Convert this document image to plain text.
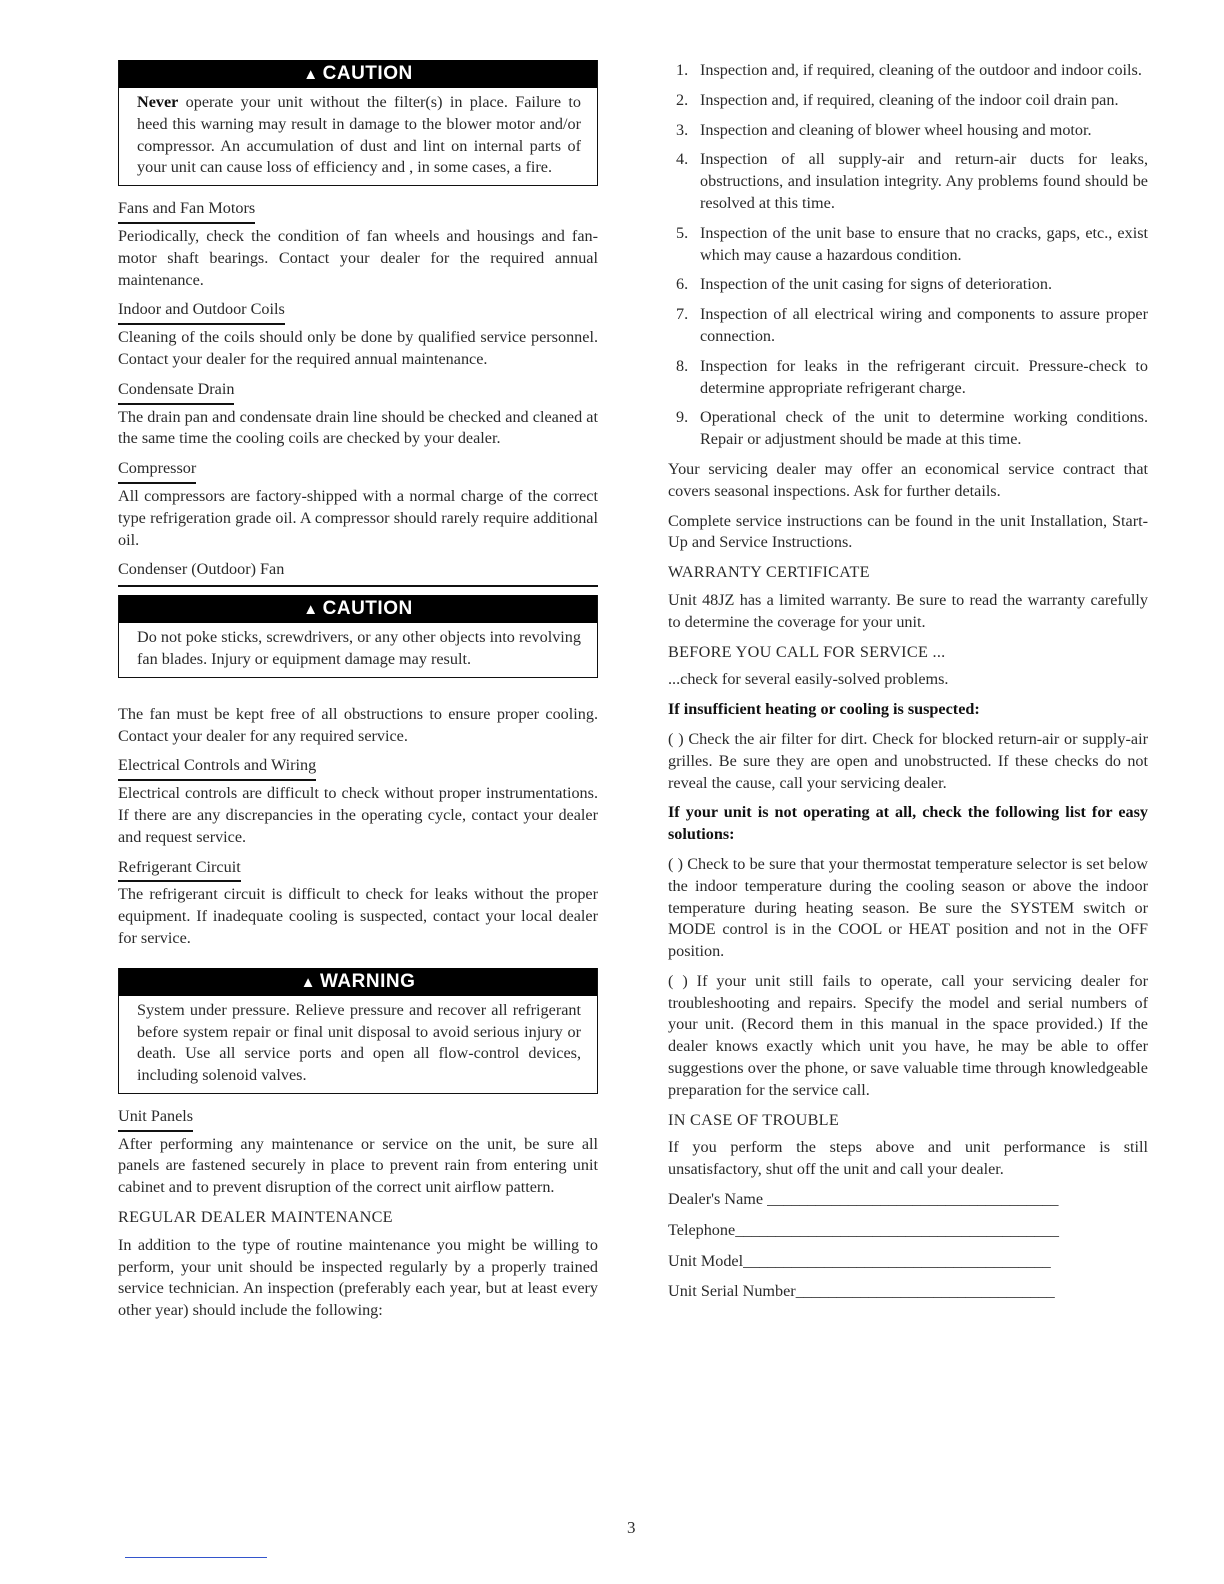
▲ CAUTION
Never operate your unit without the filter(s) in place. Failure to heed this warning may result in damage to the blower motor and/or compressor. An accumulation of dust and lint on internal parts of your unit can cause loss of efficiency and , in some cases, a fire.
Fans and Fan Motors

Periodically, check the condition of fan wheels and housings and fan-motor shaft bearings. Contact your dealer for the required annual maintenance.

Indoor and Outdoor Coils

Cleaning of the coils should only be done by qualified service personnel. Contact your dealer for the required annual maintenance.

Condensate Drain

The drain pan and condensate drain line should be checked and cleaned at the same time the cooling coils are checked by your dealer.

Compressor

All compressors are factory-shipped with a normal charge of the correct type refrigeration grade oil. A compressor should rarely require additional oil.

Condenser (Outdoor) Fan
▲ CAUTION
Do not poke sticks, screwdrivers, or any other objects into revolving fan blades. Injury or equipment damage may result.

The fan must be kept free of all obstructions to ensure proper cooling. Contact your dealer for any required service.

Electrical Controls and Wiring

Electrical controls are difficult to check without proper instrumentations. If there are any discrepancies in the operating cycle, contact your dealer and request service.

Refrigerant Circuit

The refrigerant circuit is difficult to check for leaks without the proper equipment. If inadequate cooling is suspected, contact your local dealer for service.

▲ WARNING
System under pressure. Relieve pressure and recover all refrigerant before system repair or final unit disposal to avoid serious injury or death. Use all service ports and open all flow-control devices, including solenoid valves.
Unit Panels

After performing any maintenance or service on the unit, be sure all panels are fastened securely in place to prevent rain from entering unit cabinet and to prevent disruption of the correct unit airflow pattern.

REGULAR DEALER MAINTENANCE

In addition to the type of routine maintenance you might be willing to perform, your unit should be inspected regularly by a properly trained service technician. An inspection (preferably each year, but at least every other year) should include the following:

1. Inspection and, if required, cleaning of the outdoor and indoor coils.
2. Inspection and, if required, cleaning of the indoor coil drain pan.
3. Inspection and cleaning of blower wheel housing and motor.
4. Inspection of all supply-air and return-air ducts for leaks, obstructions, and insulation integrity. Any problems found should be resolved at this time.
5. Inspection of the unit base to ensure that no cracks, gaps, etc., exist which may cause a hazardous condition.
6. Inspection of the unit casing for signs of deterioration.
7. Inspection of all electrical wiring and components to assure proper connection.
8. Inspection for leaks in the refrigerant circuit. Pressure-check to determine appropriate refrigerant charge.
9. Operational check of the unit to determine working conditions. Repair or adjustment should be made at this time.

Your servicing dealer may offer an economical service contract that covers seasonal inspections. Ask for further details.

Complete service instructions can be found in the unit Installation, Start-Up and Service Instructions.

WARRANTY CERTIFICATE

Unit 48JZ has a limited warranty. Be sure to read the warranty carefully to determine the coverage for your unit.

BEFORE YOU CALL FOR SERVICE ...

...check for several easily-solved problems.

If insufficient heating or cooling is suspected:

( ) Check the air filter for dirt. Check for blocked return-air or supply-air grilles. Be sure they are open and unobstructed. If these checks do not reveal the cause, call your servicing dealer.

If your unit is not operating at all, check the following list for easy solutions:

( ) Check to be sure that your thermostat temperature selector is set below the indoor temperature during the cooling season or above the indoor temperature during heating season. Be sure the SYSTEM switch or MODE control is in the COOL or HEAT position and not in the OFF position.

( ) If your unit still fails to operate, call your servicing dealer for troubleshooting and repairs. Specify the model and serial numbers of your unit. (Record them in this manual in the space provided.) If the dealer knows exactly which unit you have, he may be able to offer suggestions over the phone, or save valuable time through knowledgeable preparation for the service call.

IN CASE OF TROUBLE

If you perform the steps above and unit performance is still unsatisfactory, shut off the unit and call your dealer.

Dealer's Name ____________________________________
Telephone________________________________________
Unit Model______________________________________
Unit Serial Number________________________________
3
